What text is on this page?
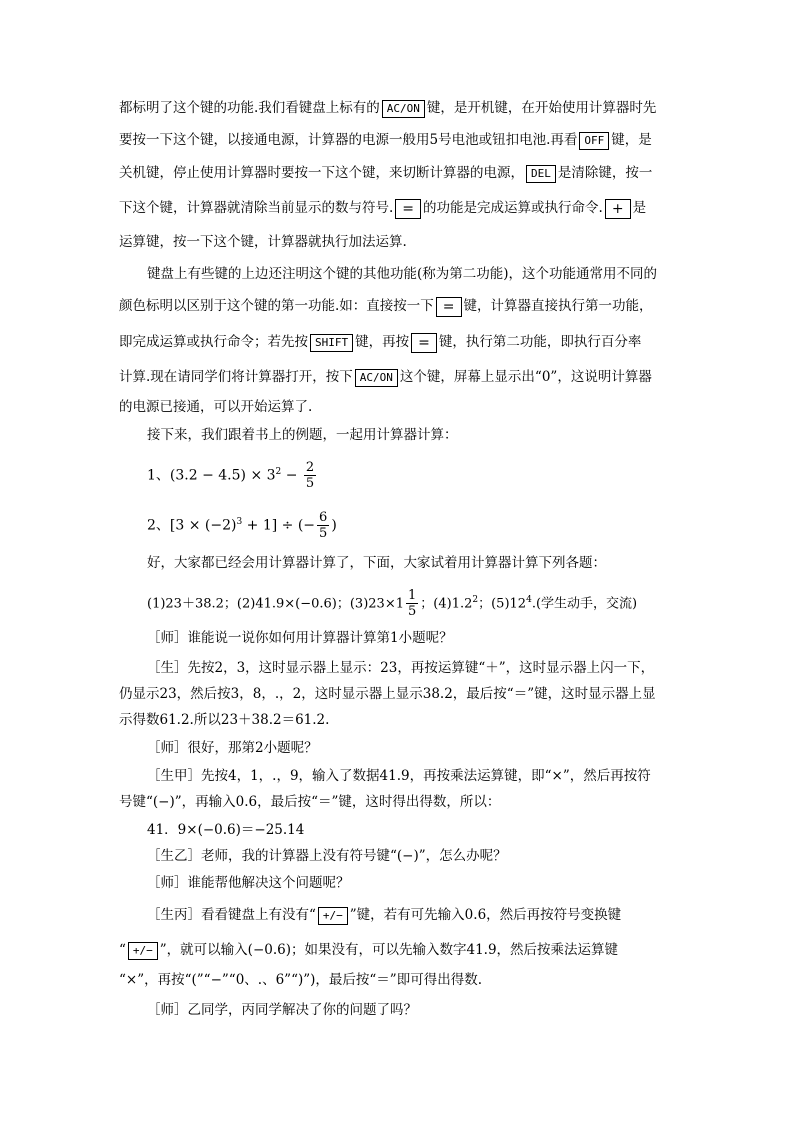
都标明了这个键的功能.我们看键盘上标有的 AC/ON 键，是开机键，在开始使用计算器时先
要按一下这个键，以接通电源，计算器的电源一般用5号电池或钮扣电池.再看 OFF 键，是
关机键，停止使用计算器时要按一下这个键，来切断计算器的电源， DEL 是清除键，按一
下这个键，计算器就清除当前显示的数与符号. = 的功能是完成运算或执行命令. + 是
运算键，按一下这个键，计算器就执行加法运算.
键盘上有些键的上边还注明这个键的其他功能(称为第二功能)，这个功能通常用不同的
颜色标明以区别于这个键的第一功能.如：直接按一下 = 键，计算器直接执行第一功能，
即完成运算或执行命令；若先按 SHIFT 键，再按 = 键，执行第二功能，即执行百分率
计算.现在请同学们将计算器打开，按下 AC/ON 这个键，屏幕上显示出“0”，这说明计算器
的电源已接通，可以开始运算了.
接下来，我们跟着书上的例题，一起用计算器计算：
1、$(3.2 - 4.5) \times 3^2 - \frac{2}{5}$
2、$[3 \times (-2)^3 + 1]$ ÷ (− $\frac{6}{5}$ )
好，大家都已经会用计算器计算了，下面，大家试着用计算器计算下列各题：
(1)23＋38.2；(2)41.9×(−0.6)；$(3)23\times 1 \frac{1}{5}$ ；$(4)1.2^2$；$(5)12^4$.(学生动手，交流)
［师］谁能说一说你如何用计算器计算第1小题呢？
［生］先按2，3，这时显示器上显示：23，再按运算键“＋”，这时显示器上闪一下，
仍显示23，然后按3，8，.，2，这时显示器上显示38.2，最后按“＝”键，这时显示器上显
示得数61.2.所以23＋38.2＝61.2.
［师］很好，那第2小题呢？
［生甲］先按4，1，.，9，输入了数据41.9，再按乘法运算键，即“×”，然后再按符
号键“(−)”，再输入0.6，最后按“＝”键，这时得出得数，所以：
41．9×(−0.6)＝−25.14
［生乙］老师，我的计算器上没有符号键“(−)”，怎么办呢？
［师］谁能帮他解决这个问题呢？
［生丙］看看键盘上有没有“ +/− ”键，若有可先输入0.6，然后再按符号变换键
“ +/− ”，就可以输入(−0.6)；如果没有，可以先输入数字41.9，然后按乘法运算键
“×”，再按“(”“−”“0、.、6”“)”)，最后按“＝”即可得出得数.
［师］乙同学，丙同学解决了你的问题了吗？
